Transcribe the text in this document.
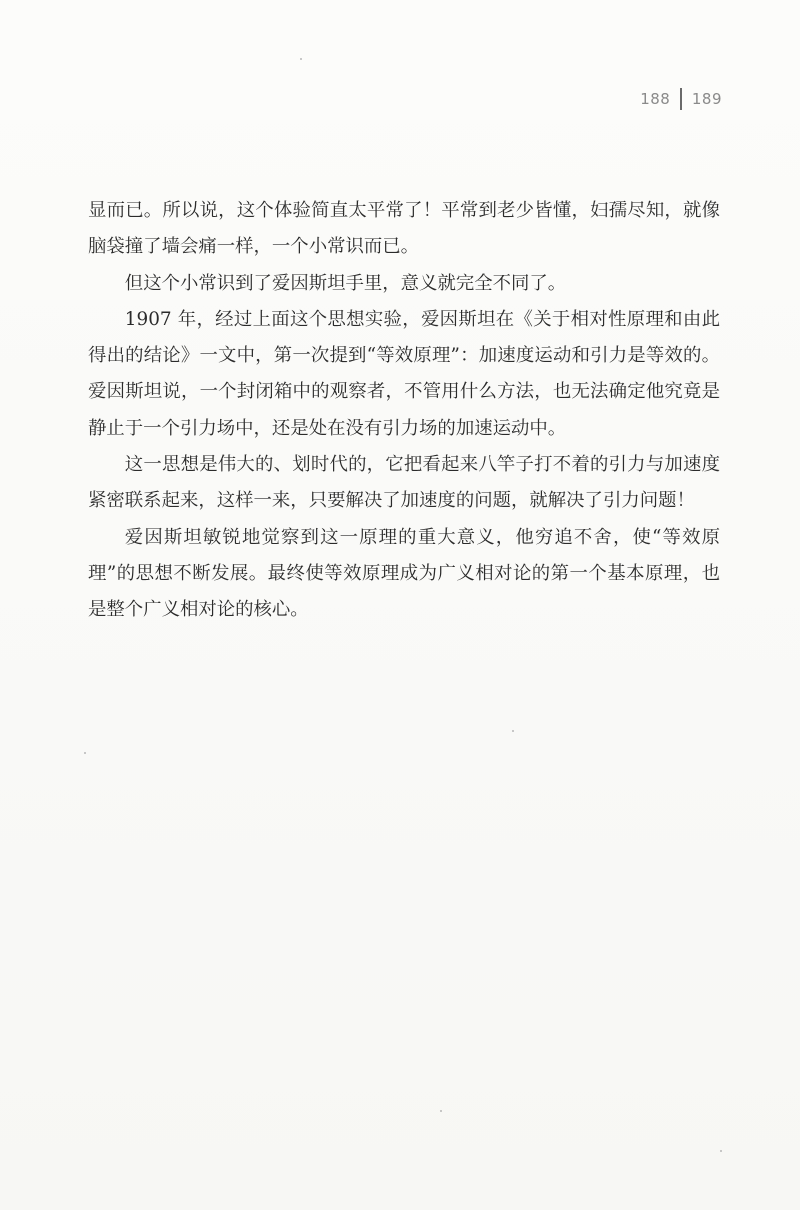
188 189

显而已。所以说，这个体验简直太平常了！平常到老少皆懂，妇孺尽知，就像脑袋撞了墙会痛一样，一个小常识而已。

但这个小常识到了爱因斯坦手里，意义就完全不同了。

1907 年，经过上面这个思想实验，爱因斯坦在《关于相对性原理和由此得出的结论》一文中，第一次提到“等效原理”：加速度运动和引力是等效的。爱因斯坦说，一个封闭箱中的观察者，不管用什么方法，也无法确定他究竟是静止于一个引力场中，还是处在没有引力场的加速运动中。

这一思想是伟大的、划时代的，它把看起来八竿子打不着的引力与加速度紧密联系起来，这样一来，只要解决了加速度的问题，就解决了引力问题！

爱因斯坦敏锐地觉察到这一原理的重大意义，他穷追不舍，使“等效原理”的思想不断发展。最终使等效原理成为广义相对论的第一个基本原理，也是整个广义相对论的核心。
